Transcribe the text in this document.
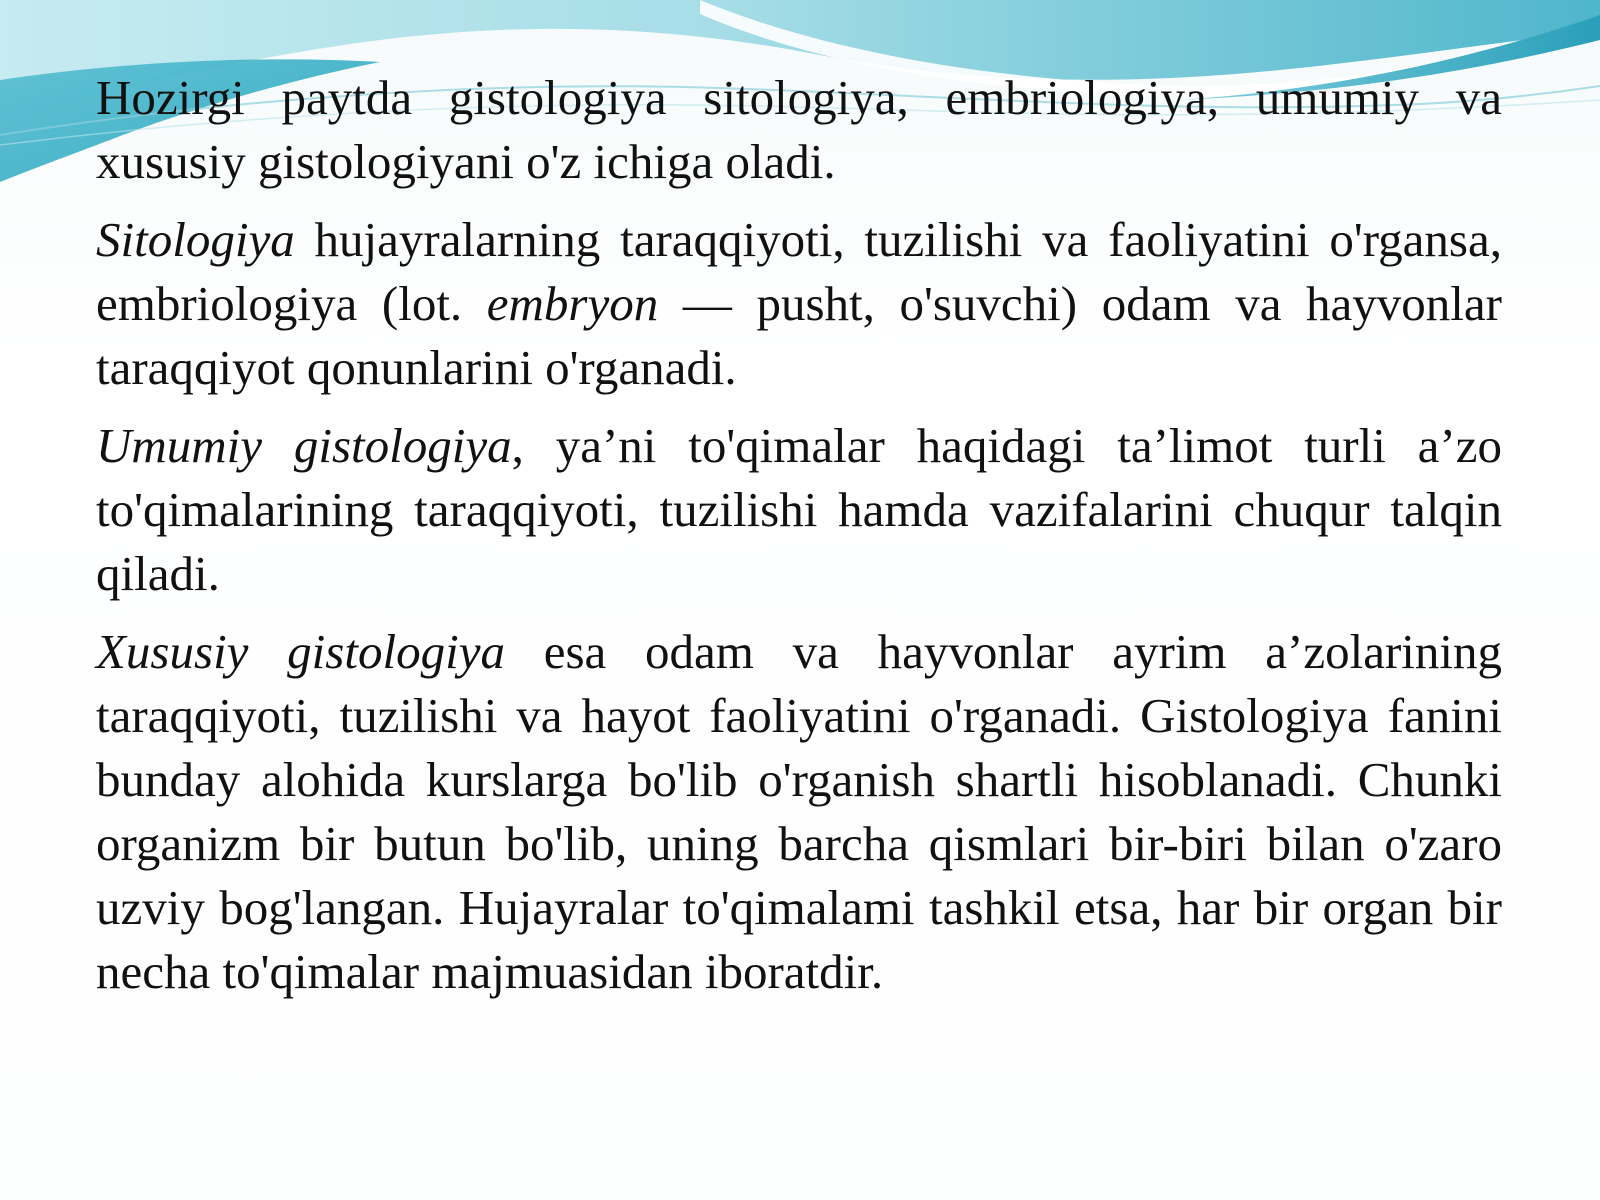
Hozirgi paytda gistologiya sitologiya, embriologiya, umumiy va xususiy gistologiyani o'z ichiga oladi.

Sitologiya hujayralarning taraqqiyoti, tuzilishi va faoliyatini o'rgansa, embriologiya (lot. embryon — pusht, o'suvchi) odam va hayvonlar taraqqiyot qonunlarini o'rganadi.

Umumiy gistologiya, ya’ni to'qimalar haqidagi ta’limot turli a’zo to'qimalarining taraqqiyoti, tuzilishi hamda vazifalarini chuqur talqin qiladi.

Xususiy gistologiya esa odam va hayvonlar ayrim a’zolarining taraqqiyoti, tuzilishi va hayot faoliyatini o'rganadi. Gistologiya fanini bunday alohida kurslarga bo'lib o'rganish shartli hisoblanadi. Chunki organizm bir butun bo'lib, uning barcha qismlari bir-biri bilan o'zaro uzviy bog'langan. Hujayralar to'qimalami tashkil etsa, har bir organ bir necha to'qimalar majmuasidan iboratdir.
